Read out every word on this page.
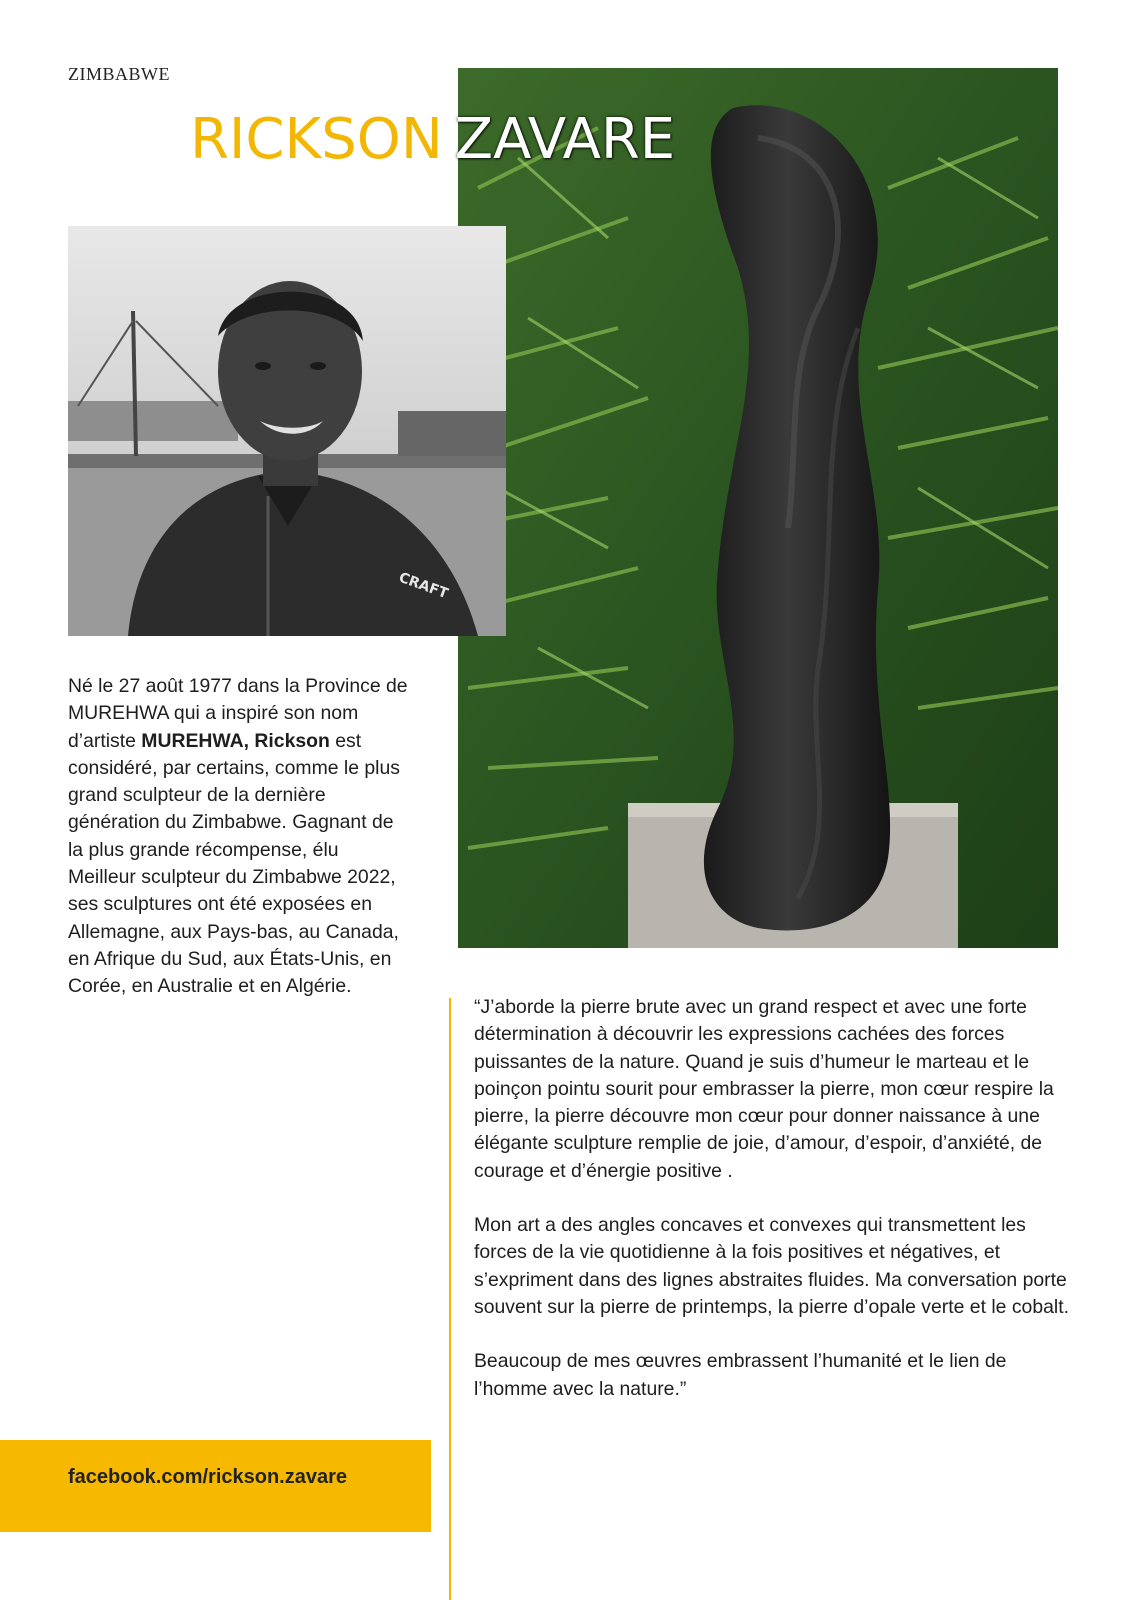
ZIMBABWE
RICKSON ZAVARE
CRAFT
Né le 27 août 1977 dans la Province de MUREHWA qui a inspiré son nom d’artiste MUREHWA, Rickson est considéré, par certains, comme le plus grand sculpteur de la dernière génération du Zimbabwe. Gagnant de la plus grande récompense, élu Meilleur sculpteur du Zimbabwe 2022, ses sculptures ont été exposées en Allemagne, aux Pays-bas, au Canada, en Afrique du Sud, aux États-Unis, en Corée, en Australie et en Algérie.

“J’aborde la pierre brute avec un grand respect et avec une forte détermination à découvrir les expressions cachées des forces puissantes de la nature. Quand je suis d’humeur le marteau et le poinçon pointu sourit pour embrasser la pierre, mon cœur respire la pierre, la pierre découvre mon cœur pour donner naissance à une élégante sculpture remplie de joie, d’amour, d’espoir, d’anxiété, de courage et d’énergie positive .

Mon art a des angles concaves et convexes qui transmettent les forces de la vie quotidienne à la fois positives et négatives, et s’expriment dans des lignes abstraites fluides. Ma conversation porte souvent sur la pierre de printemps, la pierre d’opale verte et le cobalt.

Beaucoup de mes œuvres embrassent l’humanité et le lien de l’homme avec la nature.”

facebook.com/rickson.zavare
